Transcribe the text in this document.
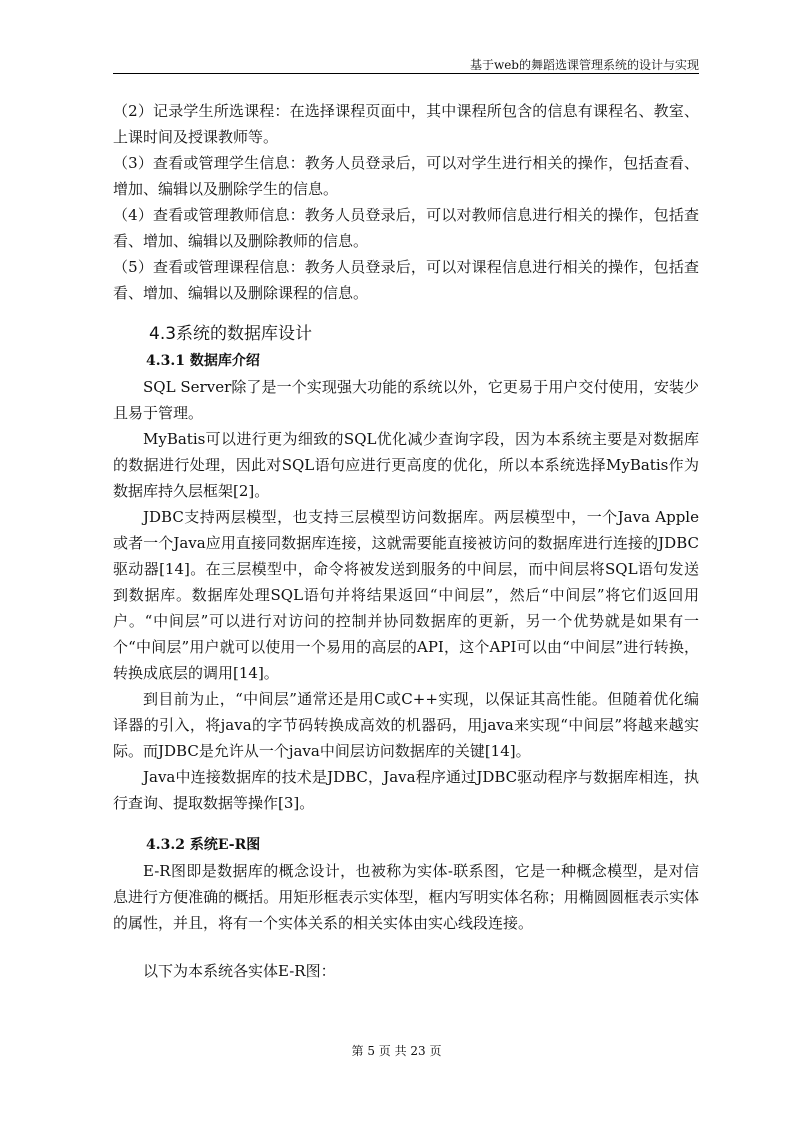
基于web的舞蹈选课管理系统的设计与实现

（2）记录学生所选课程：在选择课程页面中，其中课程所包含的信息有课程名、教室、上课时间及授课教师等。

（3）查看或管理学生信息：教务人员登录后，可以对学生进行相关的操作，包括查看、增加、编辑以及删除学生的信息。

（4）查看或管理教师信息：教务人员登录后，可以对教师信息进行相关的操作，包括查看、增加、编辑以及删除教师的信息。

（5）查看或管理课程信息：教务人员登录后，可以对课程信息进行相关的操作，包括查看、增加、编辑以及删除课程的信息。

4.3系统的数据库设计
4.3.1 数据库介绍

SQL Server除了是一个实现强大功能的系统以外，它更易于用户交付使用，安装少且易于管理。

MyBatis可以进行更为细致的SQL优化减少查询字段，因为本系统主要是对数据库的数据进行处理，因此对SQL语句应进行更高度的优化，所以本系统选择MyBatis作为数据库持久层框架[2]。

JDBC支持两层模型，也支持三层模型访问数据库。两层模型中，一个Java Apple或者一个Java应用直接同数据库连接，这就需要能直接被访问的数据库进行连接的JDBC驱动器[14]。在三层模型中，命令将被发送到服务的中间层，而中间层将SQL语句发送到数据库。数据库处理SQL语句并将结果返回“中间层”，然后“中间层”将它们返回用户。“中间层”可以进行对访问的控制并协同数据库的更新，另一个优势就是如果有一个“中间层”用户就可以使用一个易用的高层的API，这个API可以由“中间层”进行转换，转换成底层的调用[14]。

到目前为止，“中间层”通常还是用C或C++实现，以保证其高性能。但随着优化编译器的引入，将java的字节码转换成高效的机器码，用java来实现“中间层”将越来越实际。而JDBC是允许从一个java中间层访问数据库的关键[14]。

Java中连接数据库的技术是JDBC，Java程序通过JDBC驱动程序与数据库相连，执行查询、提取数据等操作[3]。

4.3.2 系统E-R图

E-R图即是数据库的概念设计，也被称为实体-联系图，它是一种概念模型，是对信息进行方便准确的概括。用矩形框表示实体型，框内写明实体名称；用椭圆圆框表示实体的属性，并且，将有一个实体关系的相关实体由实心线段连接。

以下为本系统各实体E-R图：

第 5 页 共 23 页
